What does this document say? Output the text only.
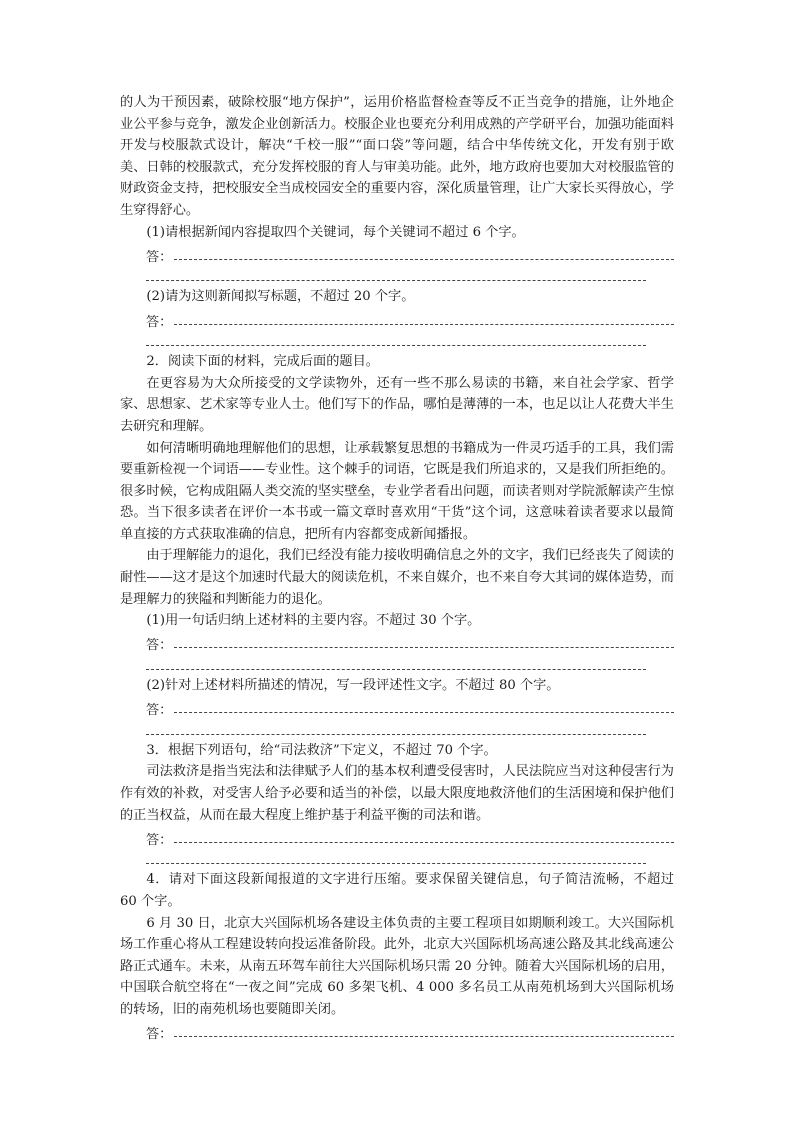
的人为干预因素，破除校服“地方保护”，运用价格监督检查等反不正当竞争的措施，让外地企业公平参与竞争，激发企业创新活力。校服企业也要充分利用成熟的产学研平台，加强功能面料开发与校服款式设计，解决“千校一服”“面口袋”等问题，结合中华传统文化，开发有别于欧美、日韩的校服款式，充分发挥校服的育人与审美功能。此外，地方政府也要加大对校服监管的财政资金支持，把校服安全当成校园安全的重要内容，深化质量管理，让广大家长买得放心，学生穿得舒心。

(1)请根据新闻内容提取四个关键词，每个关键词不超过 6 个字。

答：

(2)请为这则新闻拟写标题，不超过 20 个字。

答：

2．阅读下面的材料，完成后面的题目。

在更容易为大众所接受的文学读物外，还有一些不那么易读的书籍，来自社会学家、哲学家、思想家、艺术家等专业人士。他们写下的作品，哪怕是薄薄的一本，也足以让人花费大半生去研究和理解。

如何清晰明确地理解他们的思想，让承载繁复思想的书籍成为一件灵巧适手的工具，我们需要重新检视一个词语——专业性。这个棘手的词语，它既是我们所追求的，又是我们所拒绝的。很多时候，它构成阻隔人类交流的坚实壁垒，专业学者看出问题，而读者则对学院派解读产生惊恐。当下很多读者在评价一本书或一篇文章时喜欢用“干货”这个词，这意味着读者要求以最简单直接的方式获取准确的信息，把所有内容都变成新闻播报。

由于理解能力的退化，我们已经没有能力接收明确信息之外的文字，我们已经丧失了阅读的耐性——这才是这个加速时代最大的阅读危机，不来自媒介，也不来自夸大其词的媒体造势，而是理解力的狭隘和判断能力的退化。

(1)用一句话归纳上述材料的主要内容。不超过 30 个字。

答：

(2)针对上述材料所描述的情况，写一段评述性文字。不超过 80 个字。

答：

3．根据下列语句，给“司法救济”下定义，不超过 70 个字。

司法救济是指当宪法和法律赋予人们的基本权利遭受侵害时，人民法院应当对这种侵害行为作有效的补救，对受害人给予必要和适当的补偿，以最大限度地救济他们的生活困境和保护他们的正当权益，从而在最大程度上维护基于利益平衡的司法和谐。

答：

4．请对下面这段新闻报道的文字进行压缩。要求保留关键信息，句子简洁流畅，不超过 60 个字。

6 月 30 日，北京大兴国际机场各建设主体负责的主要工程项目如期顺利竣工。大兴国际机场工作重心将从工程建设转向投运准备阶段。此外，北京大兴国际机场高速公路及其北线高速公路正式通车。未来，从南五环驾车前往大兴国际机场只需 20 分钟。随着大兴国际机场的启用，中国联合航空将在“一夜之间”完成 60 多架飞机、4 000 多名员工从南苑机场到大兴国际机场的转场，旧的南苑机场也要随即关闭。

答：
